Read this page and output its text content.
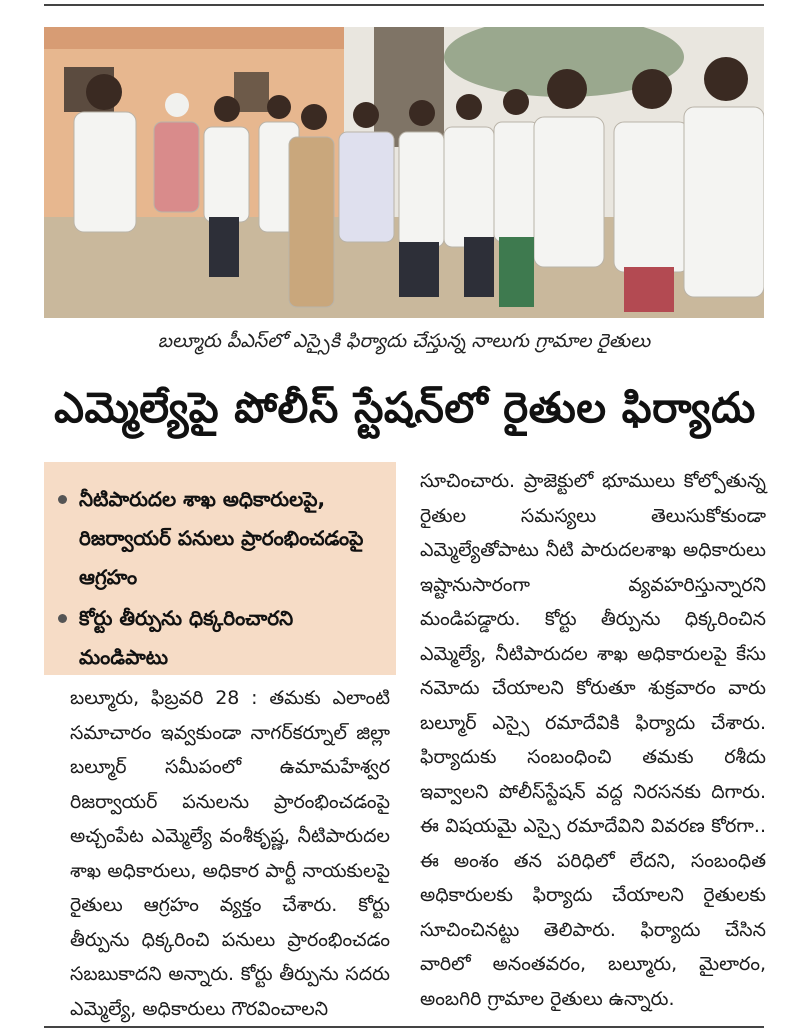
బల్మూరు పీఎస్‌లో ఎస్సైకి ఫిర్యాదు చేస్తున్న నాలుగు గ్రామాల రైతులు
ఎమ్మెల్యేపై పోలీస్ స్టేషన్‌లో రైతుల ఫిర్యాదు
నీటిపారుదల శాఖ అధికారులపై, రిజర్వాయర్ పనులు ప్రారంభించడంపై ఆగ్రహం
కోర్టు తీర్పును ధిక్కరించారని మండిపాటు
బల్మూరు, ఫిబ్రవరి 28 : తమకు ఎలాంటి సమాచారం ఇవ్వకుండా నాగర్‌కర్నూల్ జిల్లా బల్మూర్ సమీపంలో ఉమామహేశ్వర రిజర్వాయర్ పనులను ప్రారంభించడంపై అచ్చంపేట ఎమ్మెల్యే వంశీకృష్ణ, నీటిపారుదల శాఖ అధికారులు, అధికార పార్టీ నాయకులపై రైతులు ఆగ్రహం వ్యక్తం చేశారు. కోర్టు తీర్పును ధిక్కరించి పనులు ప్రారంభించడం సబబుకాదని అన్నారు. కోర్టు తీర్పును సదరు ఎమ్మెల్యే, అధికారులు గౌరవించాలని
సూచించారు. ప్రాజెక్టులో భూములు కోల్పోతున్న రైతుల సమస్యలు తెలుసుకోకుండా ఎమ్మెల్యేతోపాటు నీటి పారుదలశాఖ అధికారులు ఇష్టానుసారంగా వ్యవహరిస్తున్నారని మండిపడ్డారు. కోర్టు తీర్పును ధిక్కరించిన ఎమ్మెల్యే, నీటిపారుదల శాఖ అధికారులపై కేసు నమోదు చేయాలని కోరుతూ శుక్రవారం వారు బల్మూర్ ఎస్సై రమాదేవికి ఫిర్యాదు చేశారు. ఫిర్యాదుకు సంబంధించి తమకు రశీదు ఇవ్వాలని పోలీస్‌స్టేషన్ వద్ద నిరసనకు దిగారు. ఈ విషయమై ఎస్సై రమాదేవిని వివరణ కోరగా.. ఈ అంశం తన పరిధిలో లేదని, సంబంధిత అధికారులకు ఫిర్యాదు చేయాలని రైతులకు సూచించినట్టు తెలిపారు. ఫిర్యాదు చేసిన వారిలో అనంతవరం, బల్మూరు, మైలారం, అంబగిరి గ్రామాల రైతులు ఉన్నారు.
